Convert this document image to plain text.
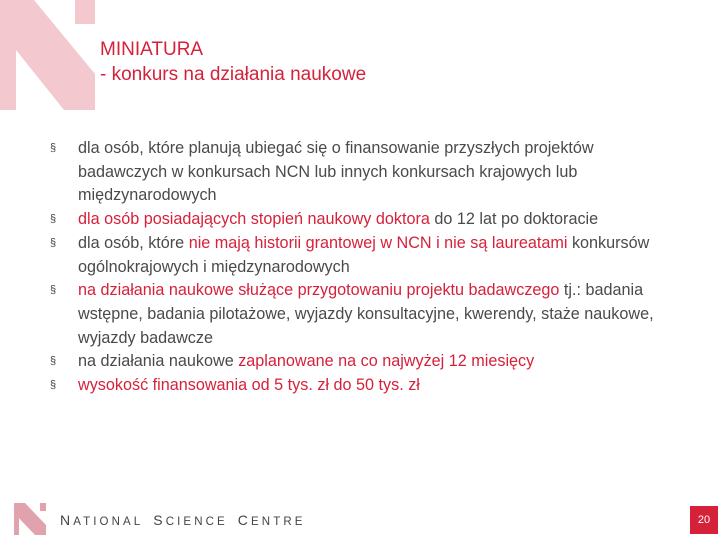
MINIATURA
- konkurs na działania naukowe
§ dla osób, które planują ubiegać się o finansowanie przyszłych projektów badawczych w konkursach NCN lub innych konkursach krajowych lub międzynarodowych
§ dla osób posiadających stopień naukowy doktora do 12 lat po doktoracie
§ dla osób, które nie mają historii grantowej w NCN i nie są laureatami konkursów ogólnokrajowych i międzynarodowych
§ na działania naukowe służące przygotowaniu projektu badawczego tj.: badania wstępne, badania pilotażowe, wyjazdy konsultacyjne, kwerendy, staże naukowe, wyjazdy badawcze
§ na działania naukowe zaplanowane na co najwyżej 12 miesięcy
§ wysokość finansowania od 5 tys. zł do 50 tys. zł
NATIONAL SCIENCE CENTRE	20
